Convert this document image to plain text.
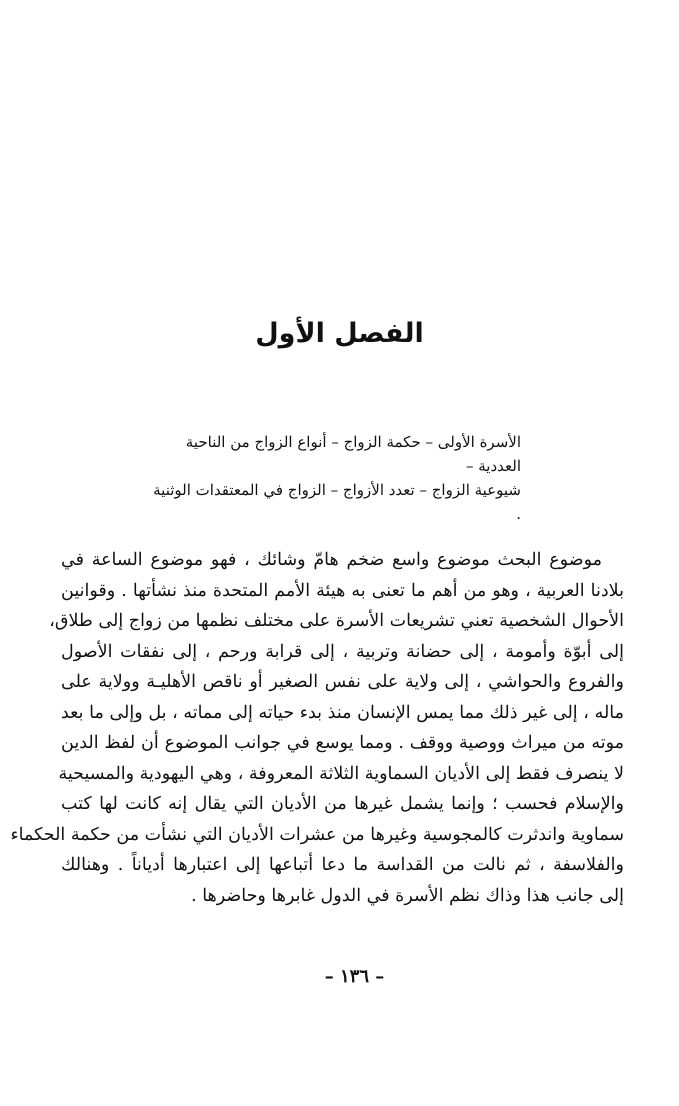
الفصل الأول

الأسرة الأولى – حكمة الزواج – أنواع الزواج من الناحية العددية –

شيوعية الزواج – تعدد الأزواج – الزواج في المعتقدات الوثنية .

موضوع البحث موضوع واسع ضخم هامّ وشائك ، فهو موضوع الساعة في
بلادنا العربية ، وهو من أهم ما تعنى به هيئة الأمم المتحدة منذ نشأتها . وقوانين
الأحوال الشخصية تعني تشريعات الأسرة على مختلف نظمها من زواج إلى طلاق،
إلى أبوّة وأمومة ، إلى حضانة وتربية ، إلى قرابة ورحم ، إلى نفقات الأصول
والفروع والحواشي ، إلى ولاية على نفس الصغير أو ناقص الأهليـة وولاية على
ماله ، إلى غير ذلك مما يمس الإنسان منذ بدء حياته إلى مماته ، بل وإلى ما بعد
موته من ميراث ووصية ووقف . ومما يوسع في جوانب الموضوع أن لفظ الدين
لا ينصرف فقط إلى الأديان السماوية الثلاثة المعروفة ، وهي اليهودية والمسيحية
والإسلام فحسب ؛ وإنما يشمل غيرها من الأديان التي يقال إنه كانت لها كتب
سماوية واندثرت كالمجوسية وغيرها من عشرات الأديان التي نشأت من حكمة الحكماء
والفلاسفة ، ثم نالت من القداسة ما دعا أتباعها إلى اعتبارها أدياناً . وهنالك
إلى جانب هذا وذاك نظم الأسرة في الدول غابرها وحاضرها .
– ١٣٦ –
